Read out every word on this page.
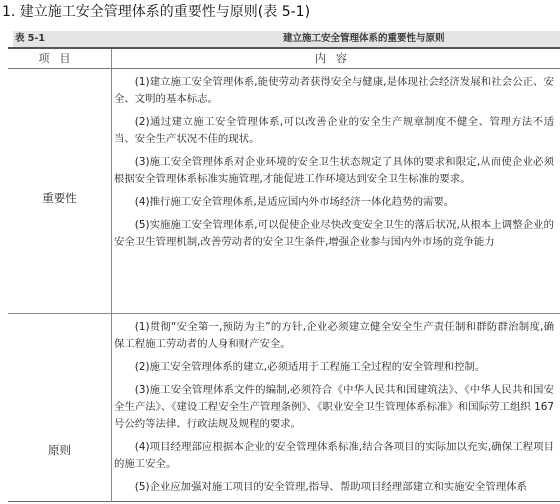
1. 建立施工安全管理体系的重要性与原则(表 5-1)
表 5-1	建立施工安全管理体系的重要性与原则
项目	内容
重要性

(1)建立施工安全管理体系,能使劳动者获得安全与健康,是体现社会经济发展和社会公正、安全、文明的基本标志。

(2)通过建立施工安全管理体系,可以改善企业的安全生产规章制度不健全、管理方法不适当、安全生产状况不佳的现状。

(3)施工安全管理体系对企业环境的安全卫生状态规定了具体的要求和限定,从而使企业必须根据安全管理体系标准实施管理,才能促进工作环境达到安全卫生标准的要求。

(4)推行施工安全管理体系,是适应国内外市场经济一体化趋势的需要。

(5)实施施工安全管理体系,可以促使企业尽快改变安全卫生的落后状况,从根本上调整企业的安全卫生管理机制,改善劳动者的安全卫生条件,增强企业参与国内外市场的竞争能力

原则

(1)贯彻“安全第一,预防为主”的方针,企业必须建立健全安全生产责任制和群防群治制度,确保工程施工劳动者的人身和财产安全。

(2)施工安全管理体系的建立,必须适用于工程施工全过程的安全管理和控制。

(3)施工安全管理体系文件的编制,必须符合《中华人民共和国建筑法》、《中华人民共和国安全生产法》、《建设工程安全生产管理条例》、《职业安全卫生管理体系标准》和国际劳工组织 167 号公约等法律、行政法规及规程的要求。

(4)项目经理部应根据本企业的安全管理体系标准,结合各项目的实际加以充实,确保工程项目的施工安全。

(5)企业应加强对施工项目的安全管理,指导、帮助项目经理部建立和实施安全管理体系
